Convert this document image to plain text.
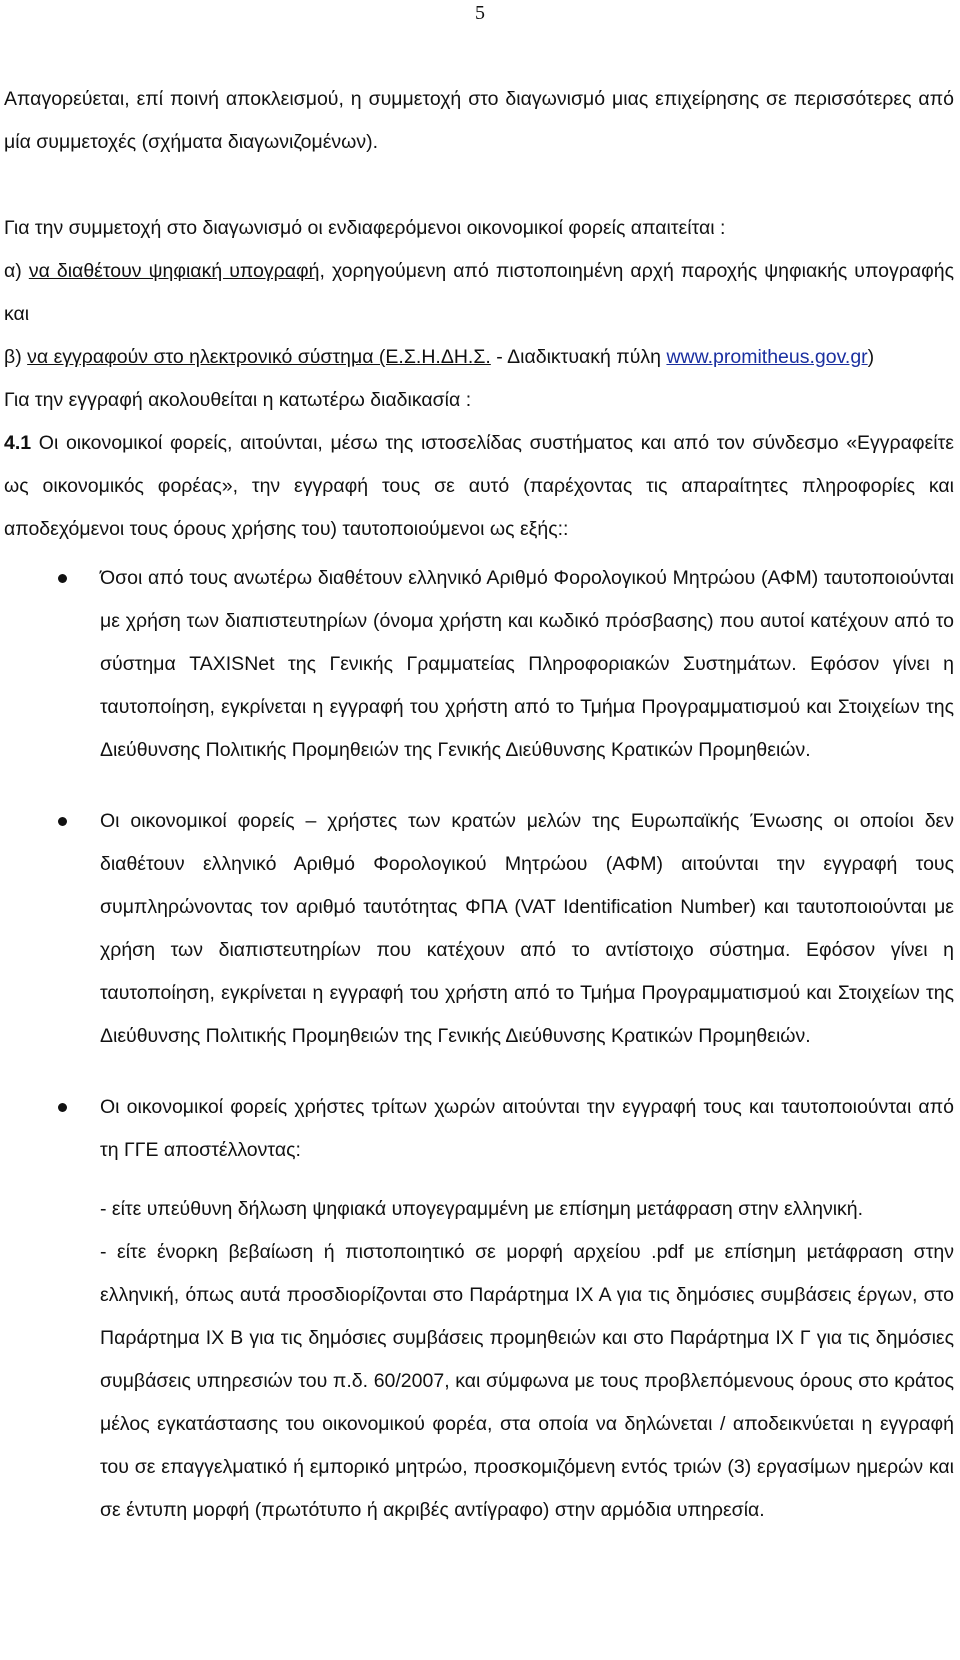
5

Απαγορεύεται, επί ποινή αποκλεισμού, η συμμετοχή στο διαγωνισμό μιας επιχείρησης σε περισσότερες από μία συμμετοχές (σχήματα διαγωνιζομένων).

Για την συμμετοχή στο διαγωνισμό οι ενδιαφερόμενοι οικονομικοί φορείς απαιτείται :

α) να διαθέτουν ψηφιακή υπογραφή, χορηγούμενη από πιστοποιημένη αρχή παροχής ψηφιακής υπογραφής και

β) να εγγραφούν στο ηλεκτρονικό σύστημα (Ε.Σ.Η.ΔΗ.Σ. - Διαδικτυακή πύλη www.promitheus.gov.gr)

Για την εγγραφή ακολουθείται η κατωτέρω διαδικασία :

4.1 Οι οικονομικοί φορείς, αιτούνται, μέσω της ιστοσελίδας συστήματος και από τον σύνδεσμο «Εγγραφείτε ως οικονομικός φορέας», την εγγραφή τους σε αυτό (παρέχοντας τις απαραίτητες πληροφορίες και αποδεχόμενοι τους όρους χρήσης του) ταυτοποιούμενοι ως εξής::

Όσοι από τους ανωτέρω διαθέτουν ελληνικό Αριθμό Φορολογικού Μητρώου (ΑΦΜ) ταυτοποιούνται με χρήση των διαπιστευτηρίων (όνομα χρήστη και κωδικό πρόσβασης) που αυτοί κατέχουν από το σύστημα TAXISNet της Γενικής Γραμματείας Πληροφοριακών Συστημάτων. Εφόσον γίνει η ταυτοποίηση, εγκρίνεται η εγγραφή του χρήστη από το Τμήμα Προγραμματισμού και Στοιχείων της Διεύθυνσης Πολιτικής Προμηθειών της Γενικής Διεύθυνσης Κρατικών Προμηθειών.
Οι οικονομικοί φορείς – χρήστες των κρατών μελών της Ευρωπαϊκής Ένωσης οι οποίοι δεν διαθέτουν ελληνικό Αριθμό Φορολογικού Μητρώου (ΑΦΜ) αιτούνται την εγγραφή τους συμπληρώνοντας τον αριθμό ταυτότητας ΦΠΑ (VAT Identification Number) και ταυτοποιούνται με χρήση των διαπιστευτηρίων που κατέχουν από το αντίστοιχο σύστημα. Εφόσον γίνει η ταυτοποίηση, εγκρίνεται η εγγραφή του χρήστη από το Τμήμα Προγραμματισμού και Στοιχείων της Διεύθυνσης Πολιτικής Προμηθειών της Γενικής Διεύθυνσης Κρατικών Προμηθειών.
Οι οικονομικοί φορείς χρήστες τρίτων χωρών αιτούνται την εγγραφή τους και ταυτοποιούνται από τη ΓΓΕ αποστέλλοντας:
- είτε υπεύθυνη δήλωση ψηφιακά υπογεγραμμένη με επίσημη μετάφραση στην ελληνική.
- είτε ένορκη βεβαίωση ή πιστοποιητικό σε μορφή αρχείου .pdf με επίσημη μετάφραση στην ελληνική, όπως αυτά προσδιορίζονται στο Παράρτημα IX A για τις δημόσιες συμβάσεις έργων, στο Παράρτημα IX B για τις δημόσιες συμβάσεις προμηθειών και στο Παράρτημα IX Γ για τις δημόσιες συμβάσεις υπηρεσιών του π.δ. 60/2007, και σύμφωνα με τους προβλεπόμενους όρους στο κράτος μέλος εγκατάστασης του οικονομικού φορέα, στα οποία να δηλώνεται / αποδεικνύεται η εγγραφή του σε επαγγελματικό ή εμπορικό μητρώο, προσκομιζόμενη εντός τριών (3) εργασίμων ημερών και σε έντυπη μορφή (πρωτότυπο ή ακριβές αντίγραφο) στην αρμόδια υπηρεσία.
